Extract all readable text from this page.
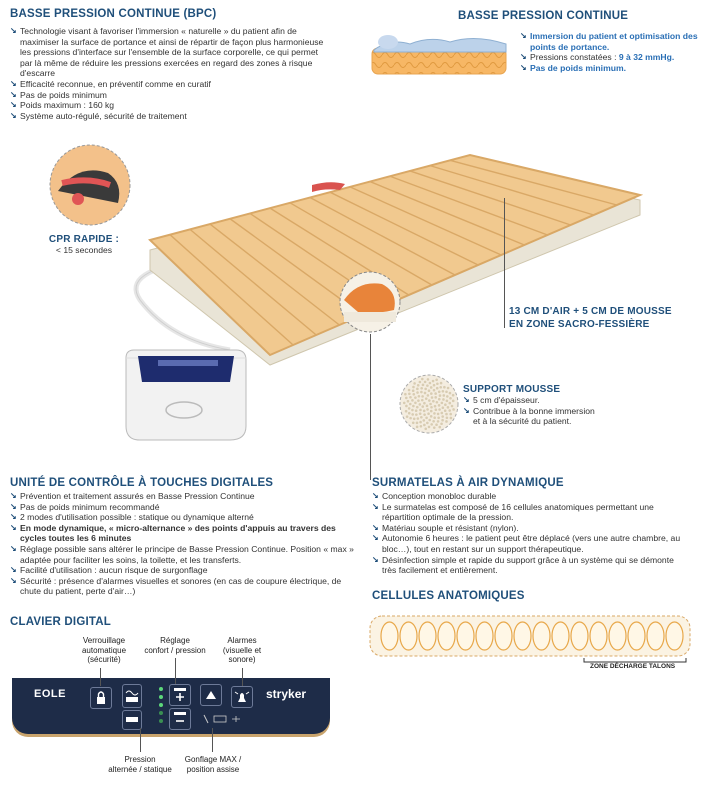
BASSE PRESSION CONTINUE (BPC)
↘ Technologie visant à favoriser l'immersion « naturelle » du patient afin de maximiser la surface de portance et ainsi de répartir de façon plus harmonieuse les pressions d'interface sur l'ensemble de la surface corporelle, ce qui permet par là même de réduire les pressions exercées en regard des zones à risque d'escarre
↘ Efficacité reconnue, en préventif comme en curatif
↘ Pas de poids minimum
↘ Poids maximum : 160 kg
↘ Système auto-régulé, sécurité de traitement
BASSE PRESSION CONTINUE
↘ Immersion du patient et optimisation des points de portance.
↘ Pressions constatées : 9 à 32 mmHg.
↘ Pas de poids minimum.
CPR RAPIDE :
< 15 secondes
13 CM D'AIR + 5 CM DE MOUSSE
EN ZONE SACRO-FESSIÈRE
SUPPORT MOUSSE
↘ 5 cm d'épaisseur.
↘ Contribue à la bonne immersion
et à la sécurité du patient.
UNITÉ DE CONTRÔLE À TOUCHES DIGITALES
↘ Prévention et traitement assurés en Basse Pression Continue
↘ Pas de poids minimum recommandé
↘ 2 modes d'utilisation possible : statique ou dynamique alterné
↘ En mode dynamique, « micro-alternance » des points d'appuis au travers des cycles toutes les 6 minutes
↘ Réglage possible sans altérer le principe de Basse Pression Continue. Position « max » adaptée pour faciliter les soins, la toilette, et les transferts.
↘ Facilité d'utilisation : aucun risque de surgonflage
↘ Sécurité : présence d'alarmes visuelles et sonores (en cas de coupure électrique, de chute du patient, perte d'air…)
SURMATELAS À AIR DYNAMIQUE
↘ Conception monobloc durable
↘ Le surmatelas est composé de 16 cellules anatomiques permettant une répartition optimale de la pression.
↘ Matériau souple et résistant (nylon).
↘ Autonomie 6 heures : le patient peut être déplacé (vers une autre chambre, au bloc…), tout en restant sur un support thérapeutique.
↘ Désinfection simple et rapide du support grâce à un système qui se démonte très facilement et entièrement.
CELLULES ANATOMIQUES
ZONE DÉCHARGE TALONS
CLAVIER DIGITAL
Verrouillage
automatique
(sécurité)
Réglage
confort / pression
Alarmes
(visuelle et
sonore)
EOLE	stryker
Pression
alternée / statique
Gonflage MAX /
position assise
